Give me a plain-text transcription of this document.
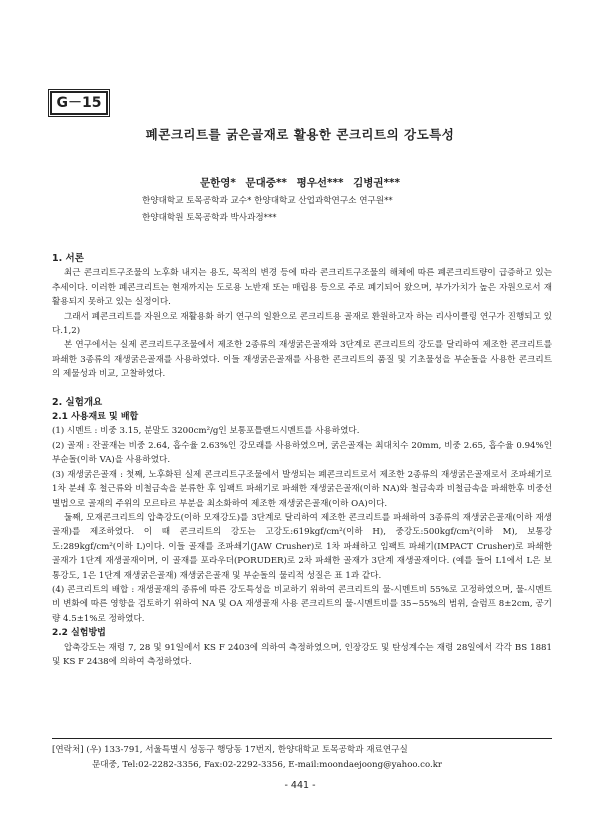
G－15
폐콘크리트를 굵은골재로 활용한 콘크리트의 강도특성
문한영* 문대중** 평우선*** 김병권***
한양대학교 토목공학과 교수* 한양대학교 산업과학연구소 연구원**
한양대학원 토목공학과 박사과정***
1. 서론

최근 콘크리트구조물의 노후화 내지는 용도, 목적의 변경 등에 따라 콘크리트구조물의 해체에 따른 폐콘크리트량이 급증하고 있는 추세이다. 이러한 폐콘크리트는 현재까지는 도로용 노반재 또는 매립용 등으로 주로 폐기되어 왔으며, 부가가치가 높은 자원으로서 재활용되지 못하고 있는 실정이다.

그래서 폐콘크리트를 자원으로 재활용화 하기 연구의 일환으로 콘크리트용 골재로 환원하고자 하는 리사이클링 연구가 진행되고 있다.1,2)

본 연구에서는 실제 콘크리트구조물에서 제조한 2종류의 재생굵은골재와 3단계로 콘크리트의 강도를 달리하여 제조한 콘크리트를 파쇄한 3종류의 재생굵은골재를 사용하였다. 이들 재생굵은골재를 사용한 콘크리트의 품질 및 기초물성을 부순돌을 사용한 콘크리트의 제물성과 비교, 고찰하였다.

2. 실험개요
2.1 사용재료 및 배합

(1) 시멘트 : 비중 3.15, 분말도 3200cm²/g인 보통포틀랜드시멘트를 사용하였다.

(2) 골재 : 잔골재는 비중 2.64, 흡수율 2.63%인 강모래를 사용하였으며, 굵은골재는 최대치수 20mm, 비중 2.65, 흡수율 0.94%인 부순돌(이하 VA)을 사용하였다.

(3) 재생굵은골재 : 첫째, 노후화된 실제 콘크리트구조물에서 발생되는 폐콘크리트로서 제조한 2종류의 재생굵은골재로서 조파쇄기로 1차 분쇄 후 철근류와 비철금속을 분류한 후 임팩트 파쇄기로 파쇄한 재생굵은골재(이하 NA)와 철금속과 비철금속을 파쇄한후 비중선별법으로 골재의 주위의 모르타르 부분을 최소화하여 제조한 재생굵은골재(이하 OA)이다.

둘째, 모재콘크리트의 압축강도(이하 모재강도)를 3단계로 달리하여 제조한 콘크리트를 파쇄하여 3종류의 재생굵은골재(이하 재생골재)를 제조하였다. 이 때 콘크리트의 강도는 고강도:619kgf/cm²(이하 H), 중강도:500kgf/cm²(이하 M), 보통강도:289kgf/cm²(이하 L)이다. 이들 골재를 조파쇄기(JAW Crusher)로 1차 파쇄하고 임팩트 파쇄기(IMPACT Crusher)로 파쇄한 골재가 1단계 재생골재이며, 이 골재를 포라우더(PORUDER)로 2차 파쇄한 골재가 3단계 재생골재이다. (예를 들어 L1에서 L은 보통강도, 1은 1단계 재생굵은골재) 재생굵은골재 및 부순돌의 물리적 성질은 표 1과 같다.

(4) 콘크리트의 배합 : 재생골재의 종류에 따른 강도특성을 비교하기 위하여 콘크리트의 물-시멘트비 55%로 고정하였으며, 물-시멘트비 변화에 따른 영향을 검토하기 위하여 NA 및 OA 재생골재 사용 콘크리트의 물-시멘트비를 35~55%의 범위, 슬럼프 8±2cm, 공기량 4.5±1%로 정하였다.

2.2 실험방법

압축강도는 재령 7, 28 및 91일에서 KS F 2403에 의하여 측정하였으며, 인장강도 및 탄성계수는 재령 28일에서 각각 BS 1881 및 KS F 2438에 의하여 측정하였다.

[연락처] (우) 133-791, 서울특별시 성동구 행당동 17번지, 한양대학교 토목공학과 재료연구실
문대중, Tel:02-2282-3356, Fax:02-2292-3356, E-mail:moondaejoong@yahoo.co.kr
- 441 -
